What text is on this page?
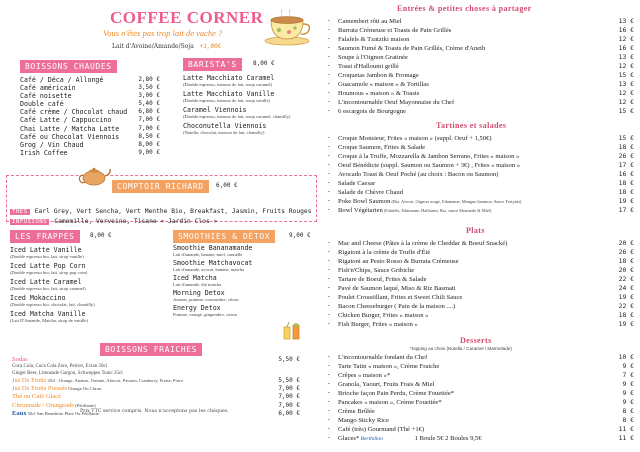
COFFEE CORNER
Vous n'êtes pas trop lait de vache ?
Lait d'Avoine/Amande/Soja +1,00€
BOISSONS CHAUDES
Café / Déca / Allongé	2,80 €
Café américain	3,50 €
Café noisette	3,00 €
Double café	5,40 €
Café crème / Chocolat chaud 6,80 €
Café Latte / Cappuccino	7,00 €
Chai Latte / Matcha Latte	7,00 €
Café ou Chocolat Viennois	8,50 €
Grog / Vin Chaud	8,00 €
Irish Coffee	9,00 €
BARISTA'S	8,00 €
Latte Macchiato Caramel
(Double espresso, mousse de lait, sirop caramel)
Latte Macchiato Vanille
(Double espresso, mousse de lait, sirop vanille)
Caramel Viennois
(Double espresso, mousse de lait, sirop caramel, chantilly)
Choconutella Viennois
(Nutella, chocolat, mousse de lait, chantilly)
COMPTOIR RICHARD	6,00 €
THES Earl Grey, Vert Sencha, Vert Menthe Bio, Breakfast, Jasmin, Fruits Rouges
INFUSIONS Camomille, Verveine, Tisane « Jardin Clos »
LES FRAPPÉS	8,00 €
Iced Latte Vanille
(Double espresso bio, lait, sirop vanille)
Iced Latte Pop Corn
(Double espresso bio, lait, sirop pop corn)
Iced Latte Caramel
(Double espresso bio, lait, sirop caramel)
Iced Mokaccino
(Double espresso bio, chocolat, lait, chantilly)
Iced Matcha Vanille
(Lait D'Amande, Matcha, sirop de vanille)
SMOOTHIES & DÉTOX	9,00 €
Smoothie Bananamande
Lait d'amande, banane, miel, cannelle
Smoothie Matchavocat
Lait d'amande, avocat, banane, matcha
Iced Matcha
Lait d'amande, thé matcha
Morning Detox
Ananas, pomme, concombre, citron
Energy Detox
Pomme, orange, gingembre, citron
BOISSONS FRAICHES
Sodas	5,50 €
Coca Cola, Coca Cola Zero, Perrier, Evian 50cl
Ginger Beer, Limonade Gargon, Schweppes Tonic 25cl
Jus De Fruits 25cl : Orange, Ananas, Tomate, Abricot, Passion, Cranberry, Fraise, Poire	5,50 €
Jus De Fruits Pressés Orange Ou Citron	7,00 €
Thé ou Café Glacé	7,00 €
Citronnade / Orangeade (Pétillante)	7,00 €
Eaux 50cl San Benedetto Plate Ou Pétillante	6,00 €
Prix TTC service compris. Nous n'acceptons pas les chèques.
Entrées & petites choses à partager
-	Camembert rôti au Miel	13 €
-	Burrata Crémeuse et Toasts de Pain Grillés	16 €
-	Falafels & Tzatziki maison	12 €
-	Saumon Fumé & Toasts de Pain Grillés, Crème d'Aneth	16 €
-	Soupe à l'Oignon Gratinée	13 €
-	Toast d'Halloumi grillé	12 €
-	Croquetas Jambon & Fromage	15 €
-	Guacamole « maison » & Tortillas	13 €
-	Houmous « maison » & Toasts	12 €
-	L'incontournable Oeuf Mayonnaise du Chef	12 €
-	6 escargots de Bourgogne	15 €
Tartines et salades
-	Croque Monsieur, Frites « maison » (suppl. Oeuf + 1,50€)	15 €
-	Croque Saumon, Frites & Salade	18 €
-	Croque à la Truffe, Mozzarella & Jambon Serrano, Frites « maison »	26 €
-	Oeuf Bénédicte (suppl. Saumon ou Saumon + 3€) , Frites « maison »	17 €
-	Avocado Toast & Oeuf Poché (au choix : Bacon ou Saumon)	16 €
-	Salade Caesar	18 €
-	Salade de Chèvre Chaud	18 €
-	Poke Bowl Saumon (Riz, Avocat, Oignon rouge, Edamame, Mangue,Saumon, Sauce Teriyaki)	19 €
-	Bowl Végétarien (Falafels, Edamame, Halloumi, Riz, sauce Moutarde & Miel)	17 €
Plats
-	Mac and Cheese (Pâtes à la crème de Cheddar & Boeuf Snacké)	20 €
-	Rigatoni à la crème de Truffe d'Été	26 €
-	Rigatoni au Pesto Rosso & Burrata Crémeuse	18 €
-	Fish'n'Chips, Sauce Gribiche	20 €
-	Tartare de Boeuf, Frites & Salade	22 €
-	Pavé de Saumon laqué, Miso & Riz Basmati	24 €
-	Poulet Croustillant, Frites et Sweet Chili Sauce	19 €
-	Bacon Cheeseburger ( Pain de la maison ....)	22 €
-	Chicken Burger, Frites « maison »	18 €
-	Fish Burger, Frites « maison »	19 €
Desserts
*topping au choix (Nutella / Caramel / Marmelade)
-	L'incontournable fondant du Chef	10 €
-	Tarte Tatin « maison », Crème Fraiche	9 €
-	Crêpes « maison »*	7 €
-	Granola, Yaourt, Fruits Frais & Miel	9 €
-	Brioche façon Pain Perdu, Crème Fouettée*	9 €
-	Pancakes « maison », Crème Fouettée*	9 €
-	Crème Brûlée	8 €
-	Mango Sticky Rice	8 €
-	Café (très) Gourmand (Thé +1€)	11 €
-	Glaces* Berthillon	1 Boule 5€ 2 Boules 9,5€	11 €
